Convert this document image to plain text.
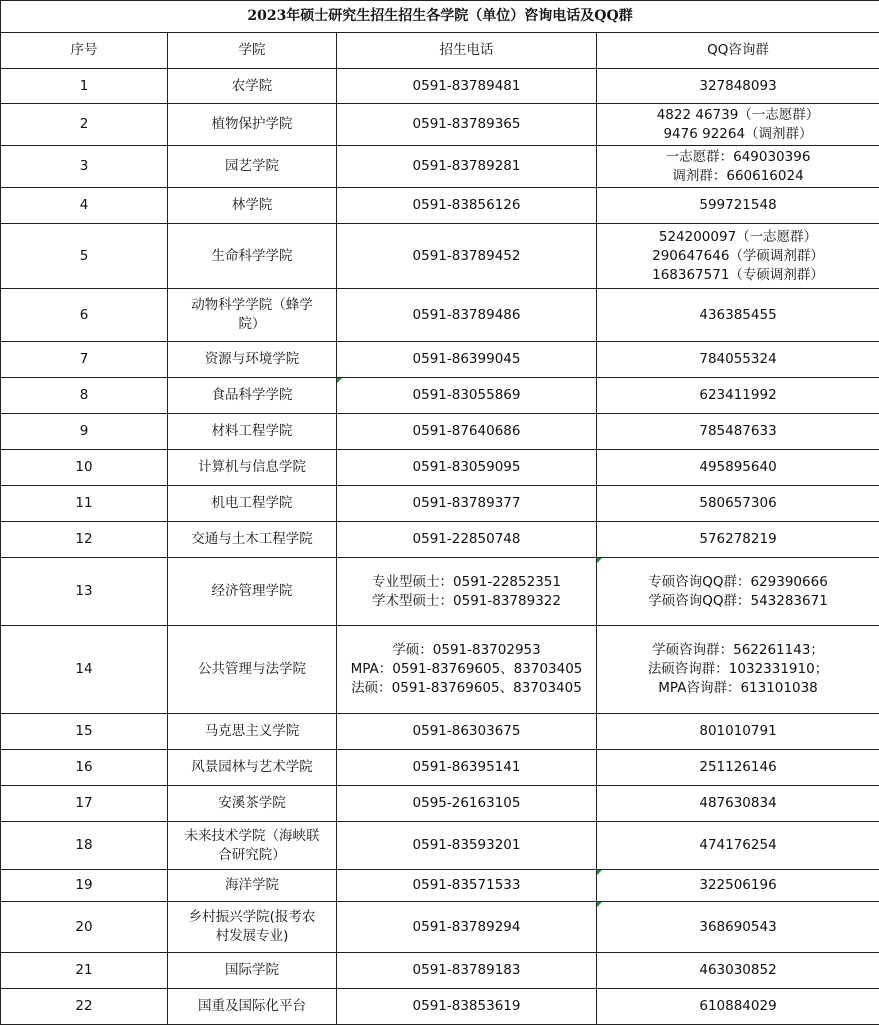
2023年硕士研究生招生招生各学院（单位）咨询电话及QQ群			
序号	学院	招生电话	QQ咨询群
1	农学院	0591-83789481	327848093

2	植物保护学院	0591-83789365	4822 46739（一志愿群）
9476 92264（调剂群）

3	园艺学院	0591-83789281	一志愿群：649030396
调剂群：660616024

4	林学院	0591-83856126	599721548

5	生命科学学院	0591-83789452	524200097（一志愿群）
290647646（学硕调剂群）
168367571（专硕调剂群）

6	动物科学学院（蜂学
院）	0591-83789486	436385455

7	资源与环境学院	0591-86399045	784055324

8	食品科学学院	0591-83055869	623411992

9	材料工程学院	0591-87640686	785487633

10	计算机与信息学院	0591-83059095	495895640

11	机电工程学院	0591-83789377	580657306

12	交通与土木工程学院	0591-22850748	576278219

13	经济管理学院	专业型硕士：0591-22852351
学术型硕士：0591-83789322	专硕咨询QQ群：629390666
学硕咨询QQ群：543283671

14	公共管理与法学院	学硕：0591-83702953
MPA：0591-83769605、83703405
法硕：0591-83769605、83703405	学硕咨询群：562261143；
法硕咨询群：1032331910；
MPA咨询群：613101038

15	马克思主义学院	0591-86303675	801010791

16	风景园林与艺术学院	0591-86395141	251126146

17	安溪茶学院	0595-26163105	487630834

18	未来技术学院（海峡联
合研究院）	0591-83593201	474176254

19	海洋学院	0591-83571533	322506196

20	乡村振兴学院(报考农
村发展专业)	0591-83789294	368690543

21	国际学院	0591-83789183	463030852

22	国重及国际化平台	0591-83853619	610884029
